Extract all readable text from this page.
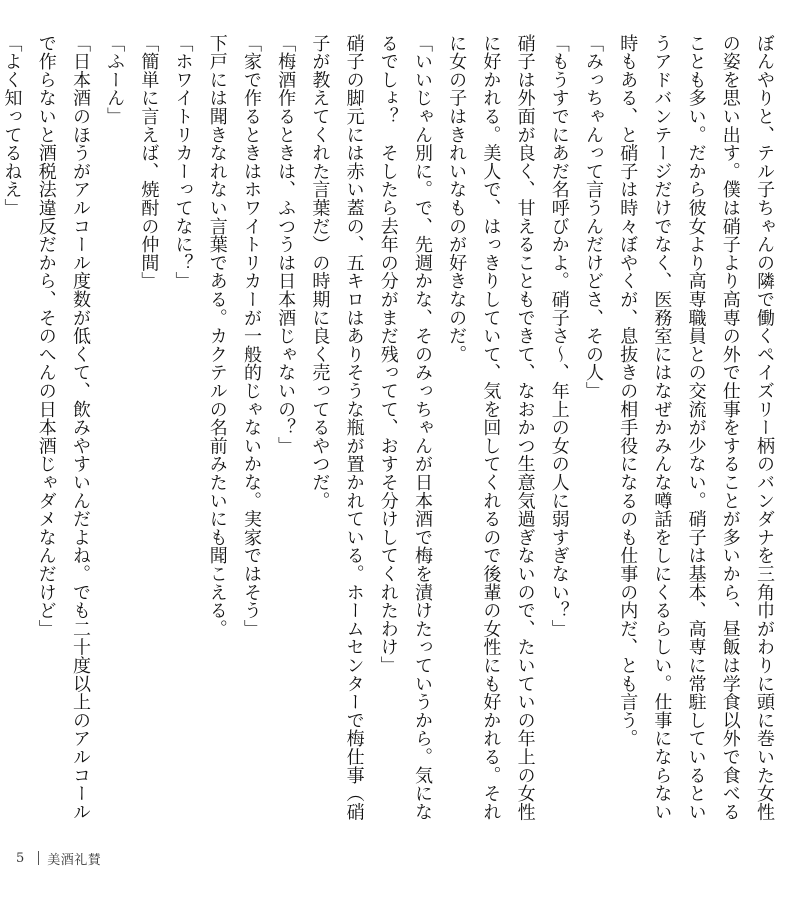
ぼんやりと、テル子ちゃんの隣で働くペイズリー柄のバンダナを三角巾がわりに頭に巻いた女性の姿を思い出す。僕は硝子より高専の外で仕事をすることが多いから、昼飯は学食以外で食べることも多い。だから彼女より高専職員との交流が少ない。硝子は基本、高専に常駐しているというアドバンテージだけでなく、医務室にはなぜかみんな噂話をしにくるらしい。仕事にならない時もある、と硝子は時々ぼやくが、息抜きの相手役になるのも仕事の内だ、とも言う。

「みっちゃんって言うんだけどさ、その人」

「もうすでにあだ名呼びかよ。硝子さ〜、年上の女の人に弱すぎない？」

硝子は外面が良く、甘えることもできて、なおかつ生意気過ぎないので、たいていの年上の女性に好かれる。美人で、はっきりしていて、気を回してくれるので後輩の女性にも好かれる。それに女の子はきれいなものが好きなのだ。

「いいじゃん別に。で、先週かな、そのみっちゃんが日本酒で梅を漬けたっていうから。気になるでしょ？　そしたら去年の分がまだ残ってて、おすそ分けしてくれたわけ」

硝子の脚元には赤い蓋の、五キロはありそうな瓶が置かれている。ホームセンターで梅仕事（硝子が教えてくれた言葉だ）の時期に良く売ってるやつだ。

「梅酒作るときは、ふつうは日本酒じゃないの？」

「家で作るときはホワイトリカーが一般的じゃないかな。実家ではそう」

下戸には聞きなれない言葉である。カクテルの名前みたいにも聞こえる。

「ホワイトリカーってなに？」

「簡単に言えば、焼酎の仲間」

「ふーん」

「日本酒のほうがアルコール度数が低くて、飲みやすいんだよね。でも二十度以上のアルコールで作らないと酒税法違反だから、そのへんの日本酒じゃダメなんだけど」

「よく知ってるねえ」

5 美酒礼賛
